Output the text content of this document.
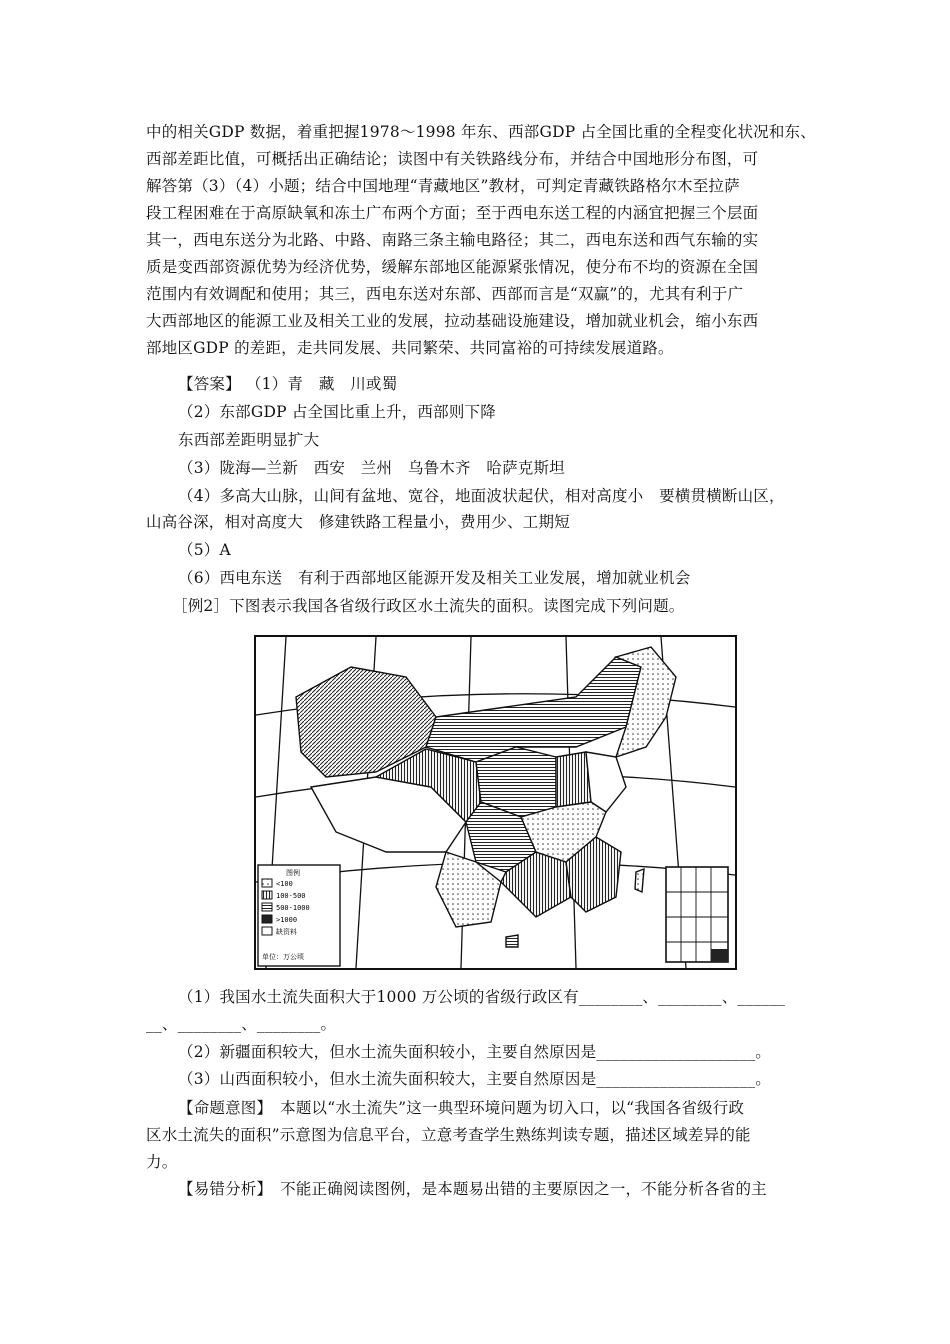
中的相关GDP 数据，着重把握1978～1998 年东、西部GDP 占全国比重的全程变化状况和东、
西部差距比值，可概括出正确结论；读图中有关铁路线分布，并结合中国地形分布图，可
解答第（3）（4）小题；结合中国地理“青藏地区”教材，可判定青藏铁路格尔木至拉萨
段工程困难在于高原缺氧和冻土广布两个方面；至于西电东送工程的内涵宜把握三个层面
其一，西电东送分为北路、中路、南路三条主输电路径；其二，西电东送和西气东输的实
质是变西部资源优势为经济优势，缓解东部地区能源紧张情况，使分布不均的资源在全国
范围内有效调配和使用；其三，西电东送对东部、西部而言是“双赢”的，尤其有利于广
大西部地区的能源工业及相关工业的发展，拉动基础设施建设，增加就业机会，缩小东西
部地区GDP 的差距，走共同发展、共同繁荣、共同富裕的可持续发展道路。
【答案】 （1）青　藏　川或蜀
（2）东部GDP 占全国比重上升，西部则下降
东西部差距明显扩大
（3）陇海—兰新　西安　兰州　乌鲁木齐　哈萨克斯坦
（4）多高大山脉，山间有盆地、宽谷，地面波状起伏，相对高度小　要横贯横断山区，
山高谷深，相对高度大　修建铁路工程量小，费用少、工期短
（5）A
（6）西电东送　有利于西部地区能源开发及相关工业发展，增加就业机会
［例2］下图表示我国各省级行政区水土流失的面积。读图完成下列问题。
图例
<100
100-500
500-1000
>1000
缺资料
单位：万公顷
（1）我国水土流失面积大于1000 万公顷的省级行政区有________、________、______
__、________、________。
（2）新疆面积较大，但水土流失面积较小，主要自然原因是____________________。
（3）山西面积较小，但水土流失面积较大，主要自然原因是____________________。
【命题意图】　本题以“水土流失”这一典型环境问题为切入口，以“我国各省级行政
区水土流失的面积”示意图为信息平台，立意考查学生熟练判读专题，描述区域差异的能
力。
【易错分析】　不能正确阅读图例，是本题易出错的主要原因之一，不能分析各省的主
